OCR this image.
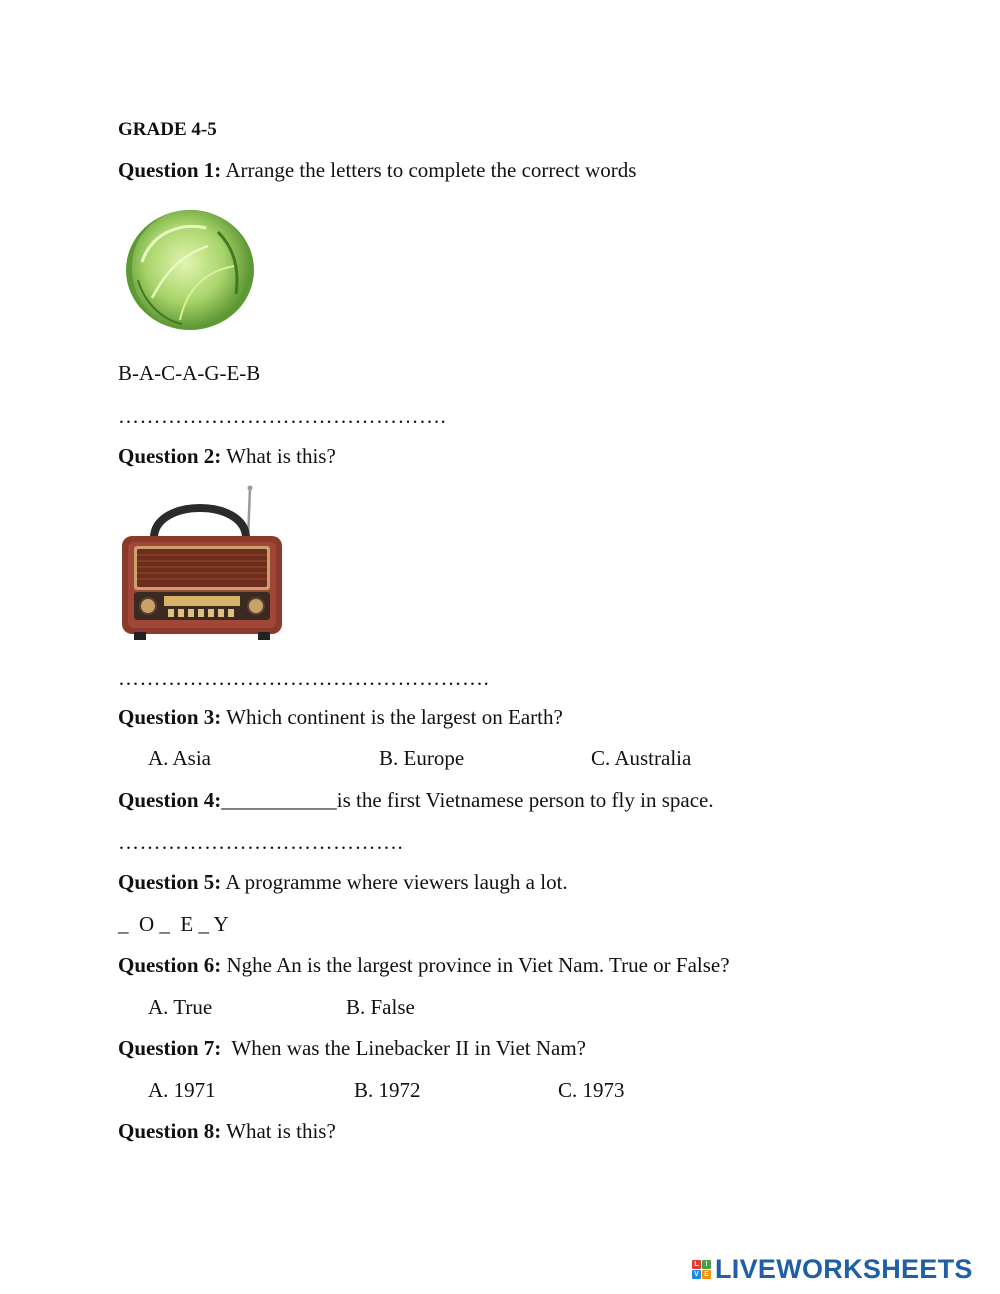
GRADE 4-5
Question 1: Arrange the letters to complete the correct words
B-A-C-A-G-E-B
……………………………………….
Question 2: What is this?
…………………………………………….
Question 3: Which continent is the largest on Earth?
A. Asia	B. Europe	C. Australia
Question 4:___________is the first Vietnamese person to fly in space.
………………………………….
Question 5: A programme where viewers laugh a lot.
_  O _  E _ Y
Question 6: Nghe An is the largest province in Viet Nam. True or False?
A. True	B. False
Question 7:  When was the Linebacker II in Viet Nam?
A. 1971	B. 1972	C. 1973
Question 8: What is this?
L I
V E LIVEWORKSHEETS
